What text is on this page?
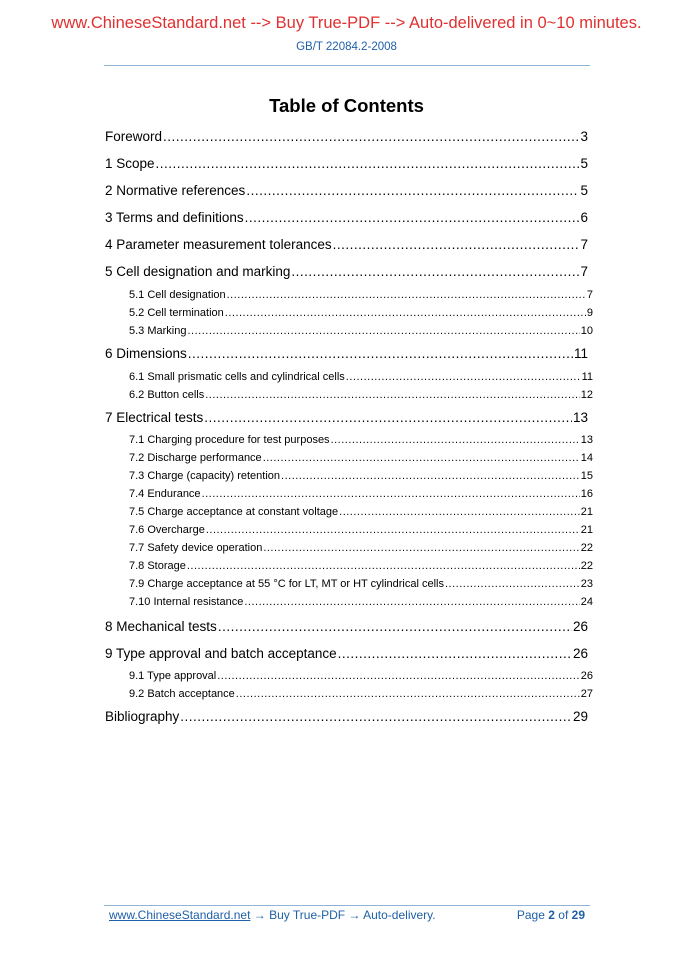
www.ChineseStandard.net --> Buy True-PDF --> Auto-delivered in 0~10 minutes.
GB/T 22084.2-2008
Table of Contents
Foreword .....	3
1 Scope .....	5
2 Normative references .....	5
3 Terms and definitions .....	6
4 Parameter measurement tolerances .....	7
5 Cell designation and marking .....	7
5.1 Cell designation .....	7
5.2 Cell termination .....	9
5.3 Marking .....	10
6 Dimensions .....	11
6.1 Small prismatic cells and cylindrical cells .....	11
6.2 Button cells .....	12
7 Electrical tests .....	13
7.1 Charging procedure for test purposes .....	13
7.2 Discharge performance .....	14
7.3 Charge (capacity) retention .....	15
7.4 Endurance .....	16
7.5 Charge acceptance at constant voltage .....	21
7.6 Overcharge .....	21
7.7 Safety device operation .....	22
7.8 Storage .....	22
7.9 Charge acceptance at 55 °C for LT, MT or HT cylindrical cells .....	23
7.10 Internal resistance .....	24
8 Mechanical tests .....	26
9 Type approval and batch acceptance .....	26
9.1 Type approval .....	26
9.2 Batch acceptance .....	27
Bibliography .....	29
www.ChineseStandard.net → Buy True-PDF → Auto-delivery.	Page 2 of 29
